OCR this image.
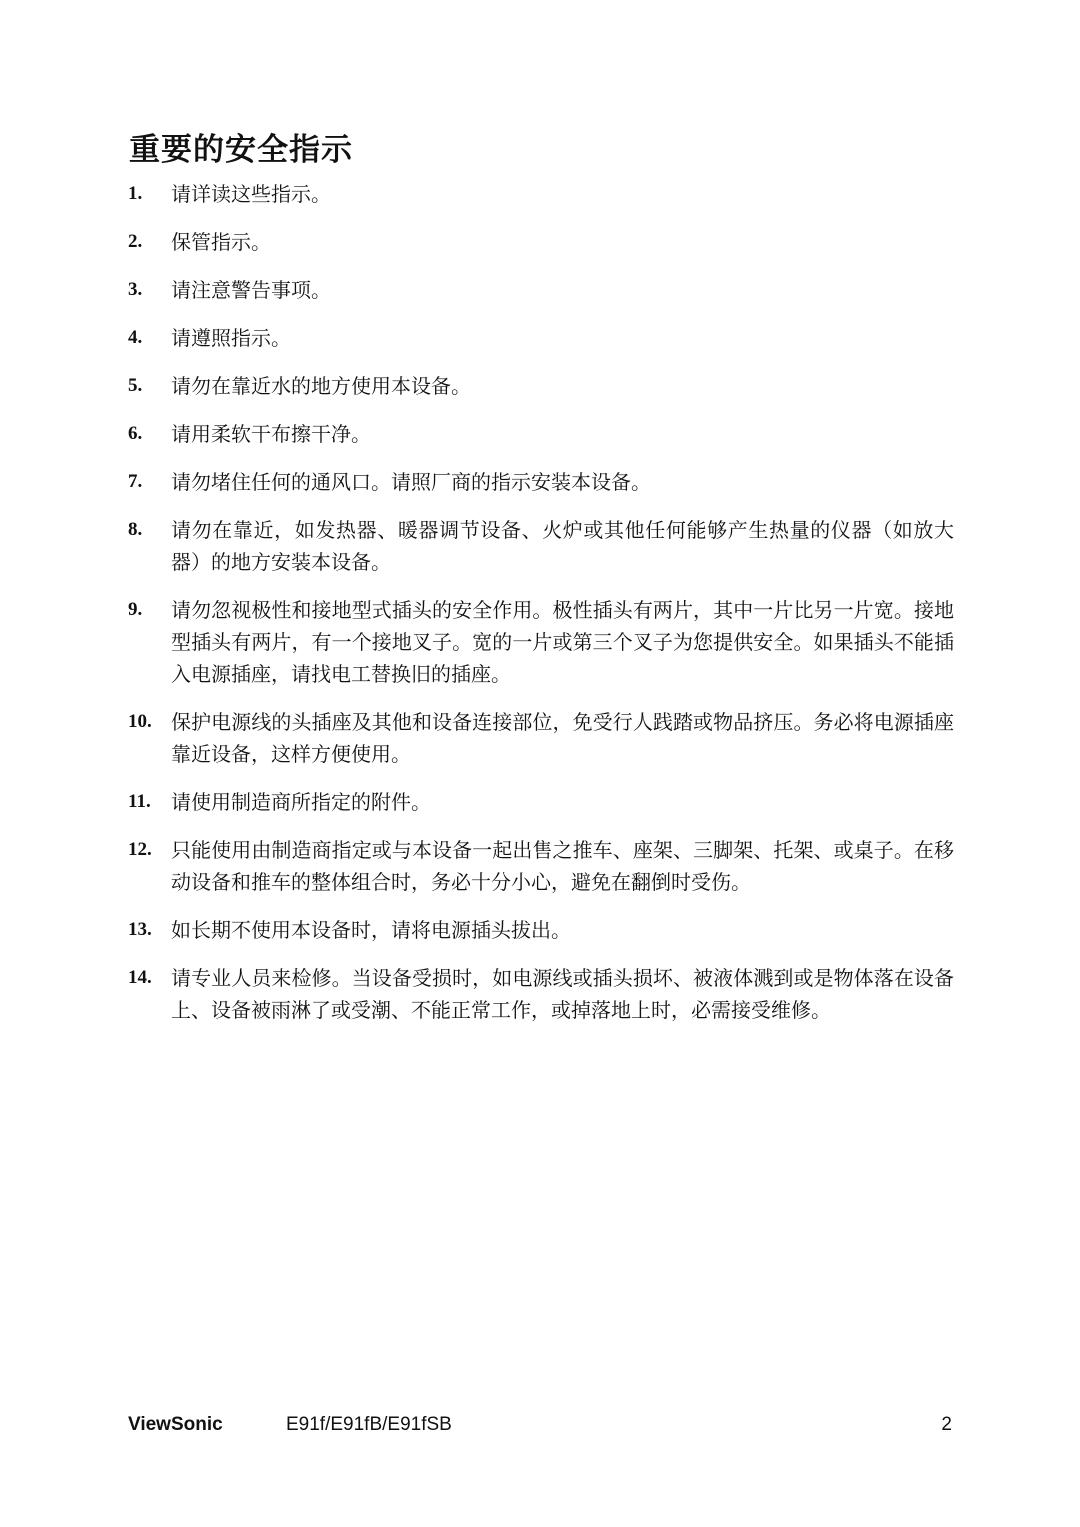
重要的安全指示
1. 请详读这些指示。
2. 保管指示。
3. 请注意警告事项。
4. 请遵照指示。
5. 请勿在靠近水的地方使用本设备。
6. 请用柔软干布擦干净。
7. 请勿堵住任何的通风口。请照厂商的指示安装本设备。
8. 请勿在靠近，如发热器、暖器调节设备、火炉或其他任何能够产生热量的仪器（如放大器）的地方安装本设备。
9. 请勿忽视极性和接地型式插头的安全作用。极性插头有两片，其中一片比另一片宽。接地型插头有两片，有一个接地叉子。宽的一片或第三个叉子为您提供安全。如果插头不能插入电源插座，请找电工替换旧的插座。
10. 保护电源线的头插座及其他和设备连接部位，免受行人践踏或物品挤压。务必将电源插座靠近设备，这样方便使用。
11. 请使用制造商所指定的附件。
12. 只能使用由制造商指定或与本设备一起出售之推车、座架、三脚架、托架、或桌子。在移动设备和推车的整体组合时，务必十分小心，避免在翻倒时受伤。
13. 如长期不使用本设备时，请将电源插头拔出。
14. 请专业人员来检修。当设备受损时，如电源线或插头损坏、被液体溅到或是物体落在设备上、设备被雨淋了或受潮、不能正常工作，或掉落地上时，必需接受维修。
ViewSonic	E91f/E91fB/E91fSB	2
